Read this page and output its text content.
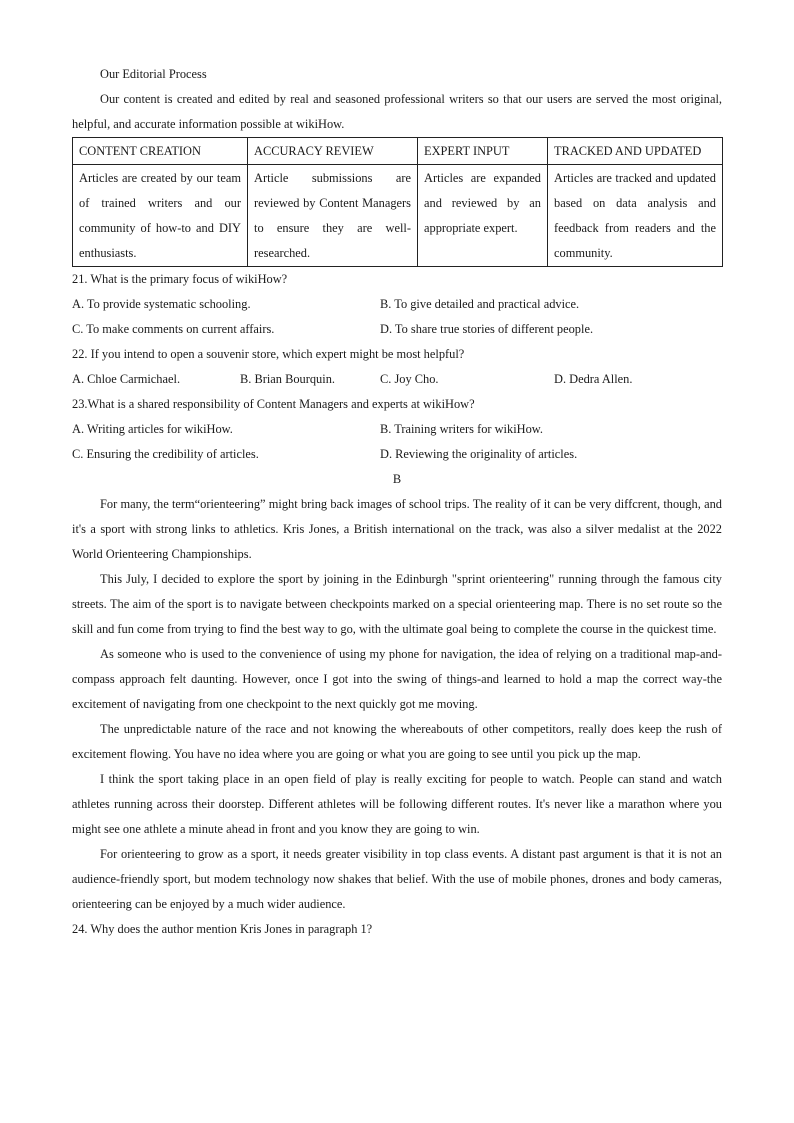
Our Editorial Process

Our content is created and edited by real and seasoned professional writers so that our users are served the most original, helpful, and accurate information possible at wikiHow.

CONTENT CREATION	ACCURACY REVIEW	EXPERT INPUT	TRACKED AND UPDATED
Articles are created by our team of trained writers and our community of how-to and DIY enthusiasts.	Article submissions are reviewed by Content Managers to ensure they are well-researched.	Articles are expanded and reviewed by an appropriate expert.	Articles are tracked and updated based on data analysis and feedback from readers and the community.

21. What is the primary focus of wikiHow?

A. To provide systematic schooling.	B. To give detailed and practical advice.
C. To make comments on current affairs.	D. To share true stories of different people.

22. If you intend to open a souvenir store, which expert might be most helpful?

A. Chloe Carmichael.	B. Brian Bourquin.	C. Joy Cho.	D. Dedra Allen.

23.What is a shared responsibility of Content Managers and experts at wikiHow?

A. Writing articles for wikiHow.	B. Training writers for wikiHow.
C. Ensuring the credibility of articles.	D. Reviewing the originality of articles.

B

For many, the term“orienteering” might bring back images of school trips. The reality of it can be very diffcrent, though, and it's a sport with strong links to athletics. Kris Jones, a British international on the track, was also a silver medalist at the 2022 World Orienteering Championships.

This July, I decided to explore the sport by joining in the Edinburgh "sprint orienteering" running through the famous city streets. The aim of the sport is to navigate between checkpoints marked on a special orienteering map. There is no set route so the skill and fun come from trying to find the best way to go, with the ultimate goal being to complete the course in the quickest time.

As someone who is used to the convenience of using my phone for navigation, the idea of relying on a traditional map-and-compass approach felt daunting. However, once I got into the swing of things-and learned to hold a map the correct way-the excitement of navigating from one checkpoint to the next quickly got me moving.

The unpredictable nature of the race and not knowing the whereabouts of other competitors, really does keep the rush of excitement flowing. You have no idea where you are going or what you are going to see until you pick up the map.

I think the sport taking place in an open field of play is really exciting for people to watch. People can stand and watch athletes running across their doorstep. Different athletes will be following different routes. It's never like a marathon where you might see one athlete a minute ahead in front and you know they are going to win.

For orienteering to grow as a sport, it needs greater visibility in top class events. A distant past argument is that it is not an audience-friendly sport, but modem technology now shakes that belief. With the use of mobile phones, drones and body cameras, orienteering can be enjoyed by a much wider audience.

24. Why does the author mention Kris Jones in paragraph 1?
